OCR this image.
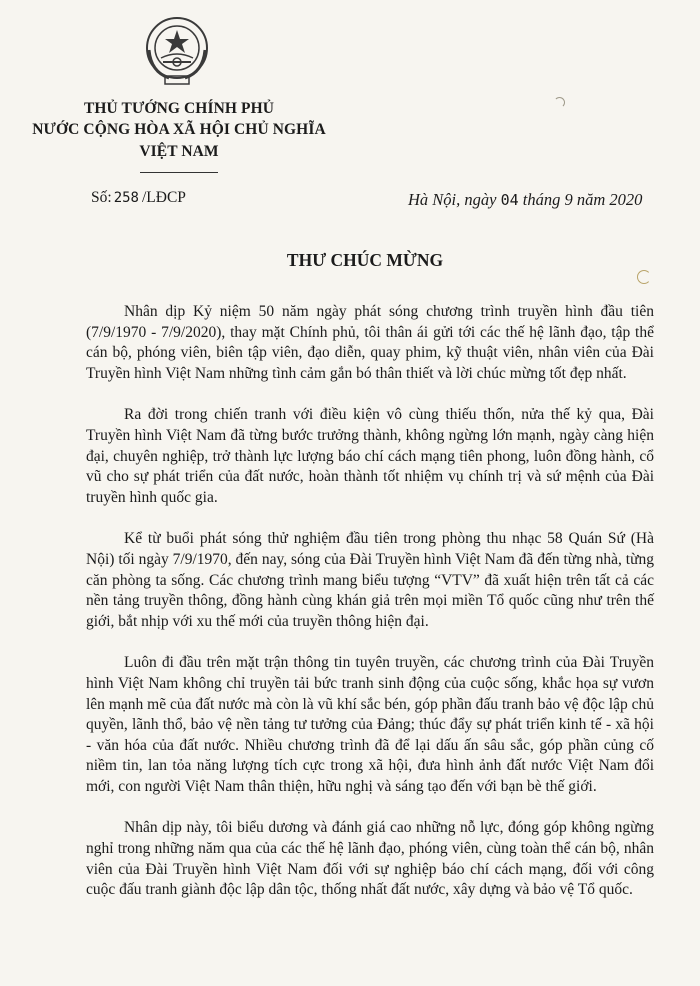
THỦ TƯỚNG CHÍNH PHỦ
NƯỚC CỘNG HÒA XÃ HỘI CHỦ NGHĨA
VIỆT NAM
Số: 258 /LĐCP	Hà Nội, ngày 04 tháng 9 năm 2020
THƯ CHÚC MỪNG

Nhân dịp Kỷ niệm 50 năm ngày phát sóng chương trình truyền hình đầu tiên (7/9/1970 - 7/9/2020), thay mặt Chính phủ, tôi thân ái gửi tới các thế hệ lãnh đạo, tập thể cán bộ, phóng viên, biên tập viên, đạo diễn, quay phim, kỹ thuật viên, nhân viên của Đài Truyền hình Việt Nam những tình cảm gắn bó thân thiết và lời chúc mừng tốt đẹp nhất.

Ra đời trong chiến tranh với điều kiện vô cùng thiếu thốn, nửa thế kỷ qua, Đài Truyền hình Việt Nam đã từng bước trưởng thành, không ngừng lớn mạnh, ngày càng hiện đại, chuyên nghiệp, trở thành lực lượng báo chí cách mạng tiên phong, luôn đồng hành, cổ vũ cho sự phát triển của đất nước, hoàn thành tốt nhiệm vụ chính trị và sứ mệnh của Đài truyền hình quốc gia.

Kể từ buổi phát sóng thử nghiệm đầu tiên trong phòng thu nhạc 58 Quán Sứ (Hà Nội) tối ngày 7/9/1970, đến nay, sóng của Đài Truyền hình Việt Nam đã đến từng nhà, từng căn phòng ta sống. Các chương trình mang biểu tượng “VTV” đã xuất hiện trên tất cả các nền tảng truyền thông, đồng hành cùng khán giả trên mọi miền Tổ quốc cũng như trên thế giới, bắt nhịp với xu thế mới của truyền thông hiện đại.

Luôn đi đầu trên mặt trận thông tin tuyên truyền, các chương trình của Đài Truyền hình Việt Nam không chỉ truyền tải bức tranh sinh động của cuộc sống, khắc họa sự vươn lên mạnh mẽ của đất nước mà còn là vũ khí sắc bén, góp phần đấu tranh bảo vệ độc lập chủ quyền, lãnh thổ, bảo vệ nền tảng tư tưởng của Đảng; thúc đẩy sự phát triển kinh tế - xã hội - văn hóa của đất nước. Nhiều chương trình đã để lại dấu ấn sâu sắc, góp phần củng cố niềm tin, lan tỏa năng lượng tích cực trong xã hội, đưa hình ảnh đất nước Việt Nam đổi mới, con người Việt Nam thân thiện, hữu nghị và sáng tạo đến với bạn bè thế giới.

Nhân dịp này, tôi biểu dương và đánh giá cao những nỗ lực, đóng góp không ngừng nghỉ trong những năm qua của các thế hệ lãnh đạo, phóng viên, cùng toàn thể cán bộ, nhân viên của Đài Truyền hình Việt Nam đối với sự nghiệp báo chí cách mạng, đối với công cuộc đấu tranh giành độc lập dân tộc, thống nhất đất nước, xây dựng và bảo vệ Tổ quốc.
